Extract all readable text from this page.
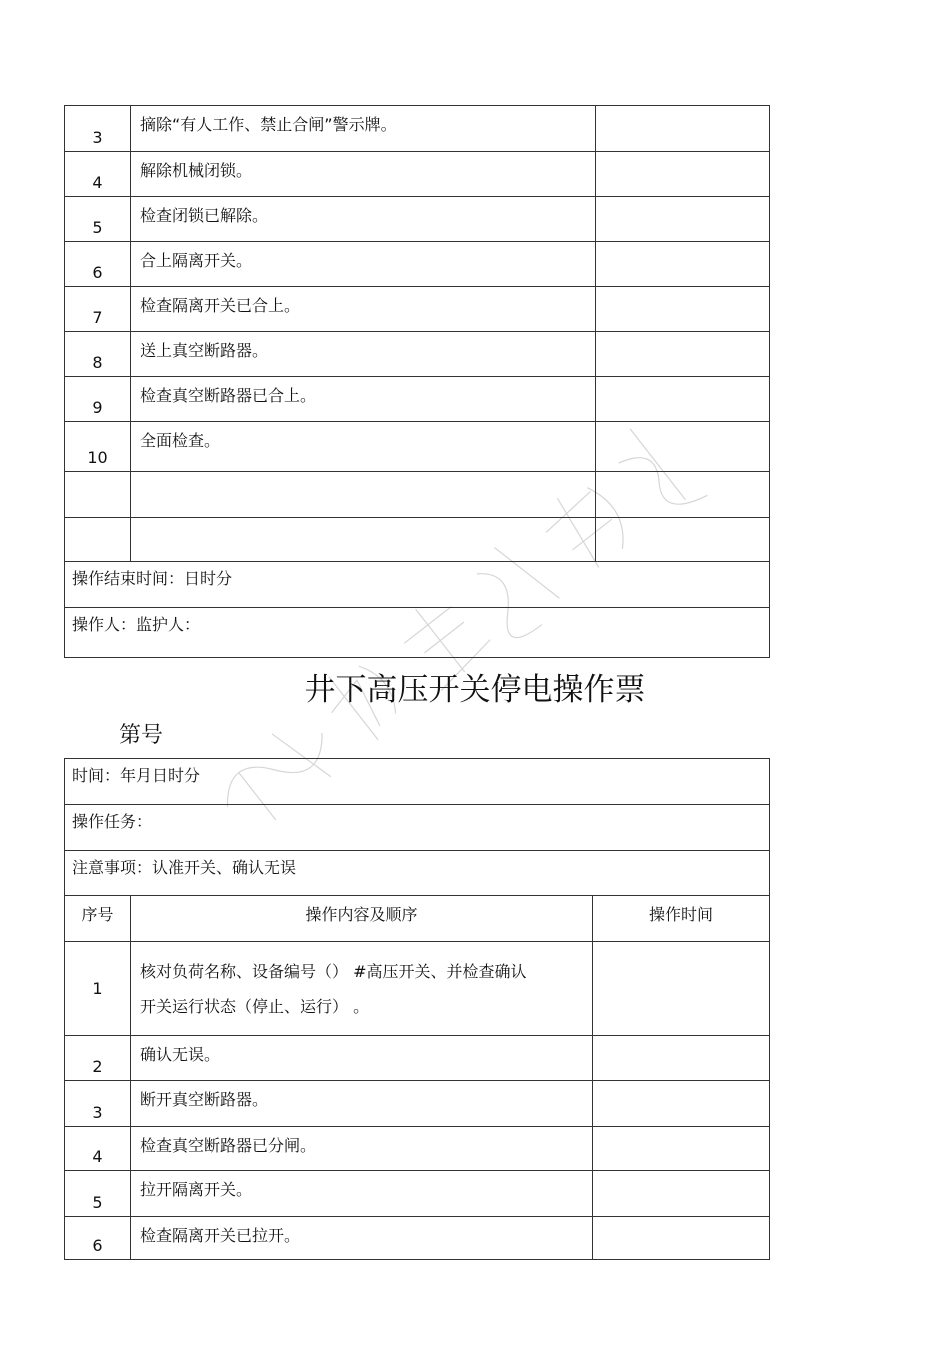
3	摘除“有人工作、禁止合闸”警示牌。	
4	解除机械闭锁。	
5	检查闭锁已解除。	
6	合上隔离开关。	
7	检查隔离开关已合上。	
8	送上真空断路器。	
9	检查真空断路器已合上。	
10	全面检查。	

操作结束时间：日时分		
操作人：监护人：		
井下高压开关停电操作票
第号
时间：年月日时分		
操作任务：		
注意事项：认准开关、确认无误		
序号	操作内容及顺序	操作时间
1	核对负荷名称、设备编号（） #高压开关、并检查确认
开关运行状态（停止、运行） 。	

2	确认无误。	
3	断开真空断路器。	
4	检查真空断路器已分闸。	
5	拉开隔离开关。	
6	检查隔离开关已拉开。	
